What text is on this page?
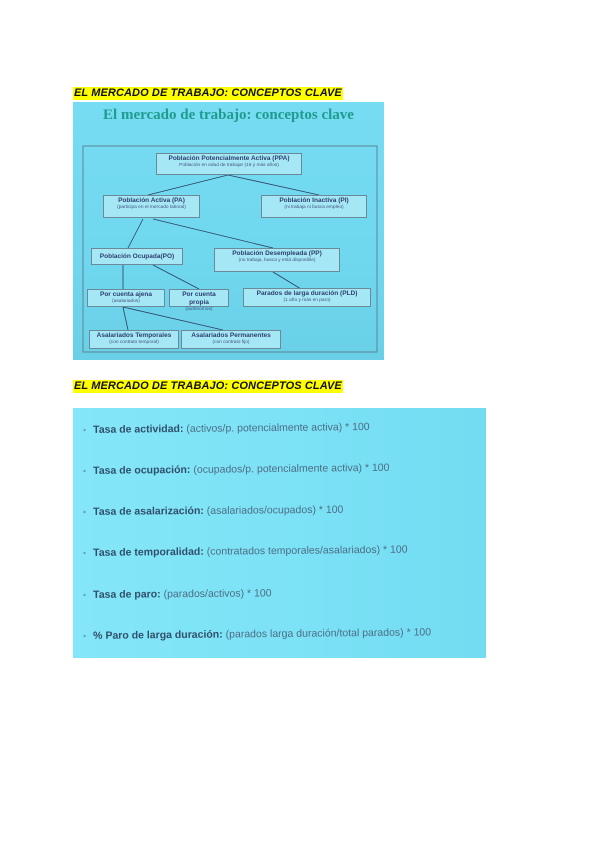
EL MERCADO DE TRABAJO: CONCEPTOS CLAVE
El mercado de trabajo: conceptos clave
Población Potencialmente Activa (PPA)
Población en edad de trabajar (16 y más años)
Población Activa (PA)
(participa en el mercado laboral)
Población Inactiva (PI)
(ni trabaja ni busca empleo)
Población Ocupada(PO)	Población Desempleada (PP)
(no trabaja, busca y está disponible)
Por cuenta ajena
(asalariados)
Por cuenta propia
(autónomos)
Parados de larga duración (PLD)
(1 año y más en paro)
Asalariados Temporales
(con contrato temporal)
Asalariados Permanentes
(con contrato fijo)
EL MERCADO DE TRABAJO: CONCEPTOS CLAVE
• Tasa de actividad: (activos/p. potencialmente activa) * 100
• Tasa de ocupación: (ocupados/p. potencialmente activa) * 100
• Tasa de asalarización: (asalariados/ocupados) * 100
• Tasa de temporalidad: (contratados temporales/asalariados) * 100
• Tasa de paro: (parados/activos) * 100
• % Paro de larga duración: (parados larga duración/total parados) * 100
